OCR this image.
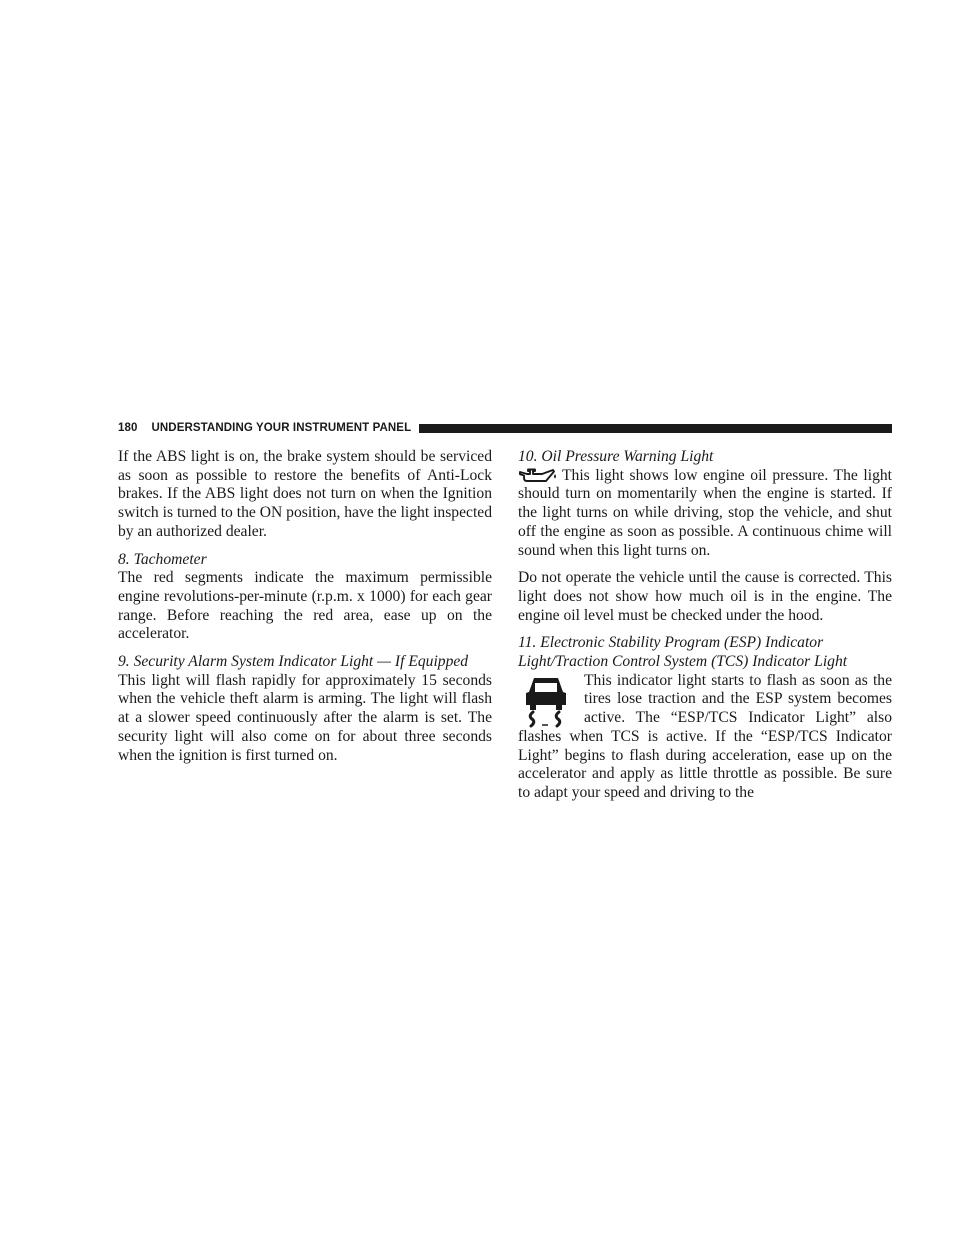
180 UNDERSTANDING YOUR INSTRUMENT PANEL

If the ABS light is on, the brake system should be serviced as soon as possible to restore the benefits of Anti-Lock brakes. If the ABS light does not turn on when the Ignition switch is turned to the ON position, have the light inspected by an authorized dealer.

8. Tachometer

The red segments indicate the maximum permissible engine revolutions-per-minute (r.p.m. x 1000) for each gear range. Before reaching the red area, ease up on the accelerator.

9. Security Alarm System Indicator Light — If Equipped

This light will flash rapidly for approximately 15 seconds when the vehicle theft alarm is arming. The light will flash at a slower speed continuously after the alarm is set. The security light will also come on for about three seconds when the ignition is first turned on.

10. Oil Pressure Warning Light

This light shows low engine oil pressure. The light should turn on momentarily when the engine is started. If the light turns on while driving, stop the vehicle, and shut off the engine as soon as possible. A continuous chime will sound when this light turns on.

Do not operate the vehicle until the cause is corrected. This light does not show how much oil is in the engine. The engine oil level must be checked under the hood.

11. Electronic Stability Program (ESP) Indicator Light/Traction Control System (TCS) Indicator Light

This indicator light starts to flash as soon as the tires lose traction and the ESP system becomes active. The “ESP/TCS Indicator Light” also flashes when TCS is active. If the “ESP/TCS Indicator Light” begins to flash during acceleration, ease up on the accelerator and apply as little throttle as possible. Be sure to adapt your speed and driving to the
